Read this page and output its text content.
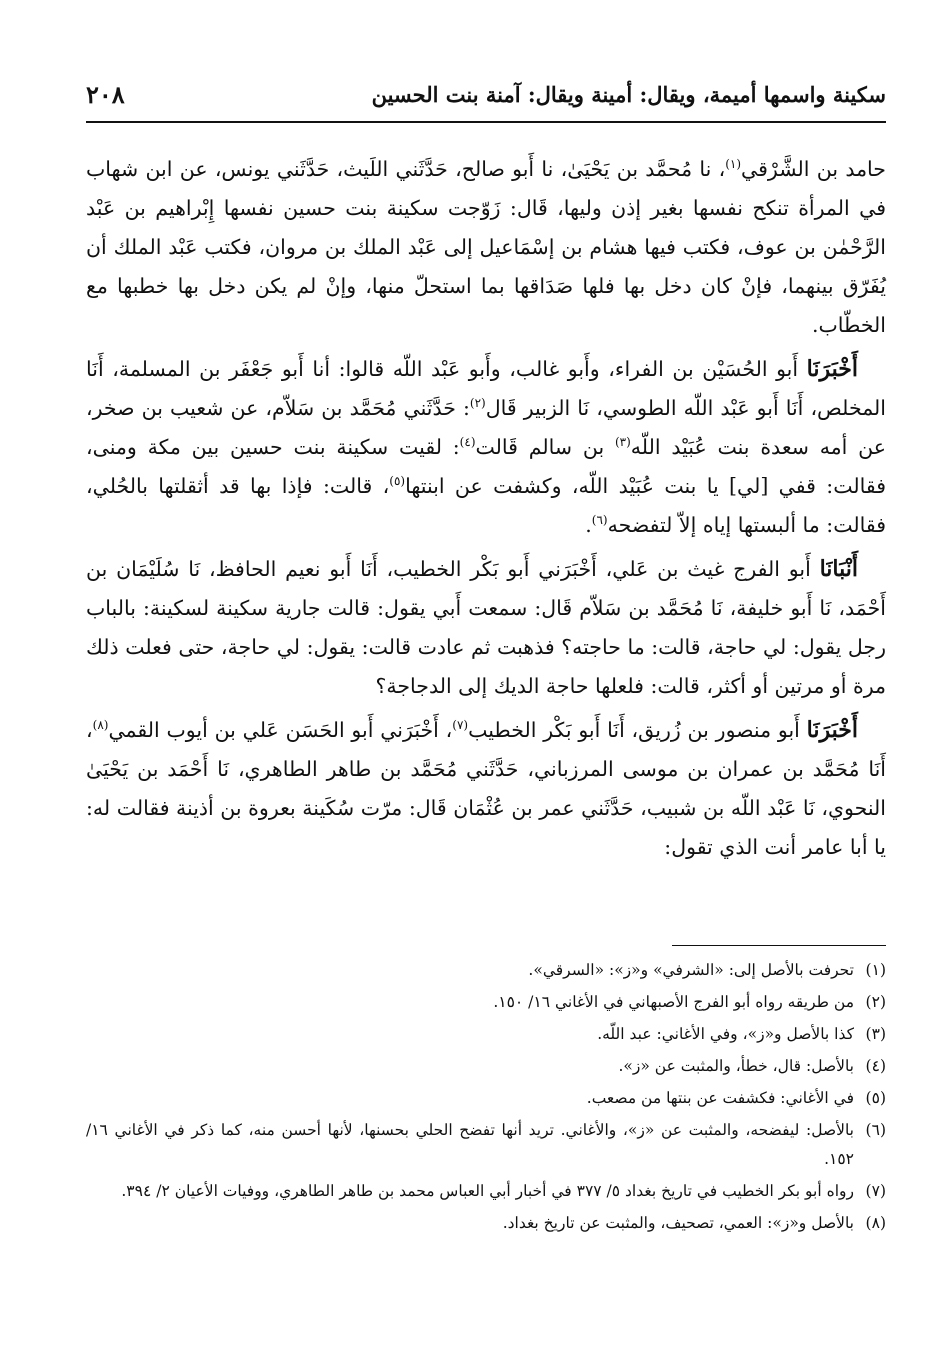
سكينة واسمها أميمة، ويقال: أمينة ويقال: آمنة بنت الحسين
٢٠٨

حامد بن الشَّرْقي$^{(١)}$، نا مُحمَّد بن يَحْيَىٰ، نا أَبو صالح، حَدَّثَني اللَيث، حَدَّثَني يونس، عن ابن شهاب في المرأة تنكح نفسها بغير إذن وليها، قَال: زَوّجت سكينة بنت حسين نفسها إِبْراهيم بن عَبْد الرَّحْمٰن بن عوف، فكتب فيها هشام بن إسْمَاعيل إلى عَبْد الملك بن مروان، فكتب عَبْد الملك أن يُفَرّق بينهما، فإنْ كان دخل بها فلها صَدَاقها بما استحلّ منها، وإنْ لم يكن دخل بها خطبها مع الخطّاب.

أَخْبَرَنَا أَبو الحُسَيْن بن الفراء، وأَبو غالب، وأَبو عَبْد اللّه قالوا: أنا أَبو جَعْفَر بن المسلمة، أَنَا المخلص، أَنَا أَبو عَبْد اللّه الطوسي، نَا الزبير قَال$^{(٢)}$: حَدَّثَني مُحَمَّد بن سَلاّم، عن شعيب بن صخر، عن أمه سعدة بنت عُبَيْد اللّه$^{(٣)}$ بن سالم قَالت$^{(٤)}$: لقيت سكينة بنت حسين بين مكة ومنى، فقالت: قفي [لي] يا بنت عُبَيْد اللّه، وكشفت عن ابنتها$^{(٥)}$، قالت: فإذا بها قد أثقلتها بالحُلي، فقالت: ما ألبستها إياه إلاّ لتفضحه$^{(٦)}$.

أَنْبَانَا أَبو الفرج غيث بن عَلي، أَخْبَرَني أَبو بَكْر الخطيب، أَنَا أَبو نعيم الحافظ، نَا سُلَيْمَان بن أَحْمَد، نَا أَبو خليفة، نَا مُحَمَّد بن سَلاّم قَال: سمعت أَبي يقول: قالت جارية سكينة لسكينة: بالباب رجل يقول: لي حاجة، قالت: ما حاجته؟ فذهبت ثم عادت قالت: يقول: لي حاجة، حتى فعلت ذلك مرة أو مرتين أو أكثر، قالت: فلعلها حاجة الديك إلى الدجاجة؟

أَخْبَرَنَا أَبو منصور بن زُريق، أَنَا أَبو بَكْر الخطيب$^{(٧)}$، أَخْبَرَني أَبو الحَسَن عَلي بن أيوب القمي$^{(٨)}$، أَنَا مُحَمَّد بن عمران بن موسى المرزباني، حَدَّثَني مُحَمَّد بن طاهر الطاهري، نَا أَحْمَد بن يَحْيَىٰ النحوي، نَا عَبْد اللّه بن شبيب، حَدَّثَني عمر بن عُثْمَان قَال: مرّت سُكَينة بعروة بن أذينة فقالت له: يا أبا عامر أنت الذي تقول:

(١)
تحرفت بالأصل إلى: «الشرفي» و«ز»: «السرقي».
(٢)
من طريقه رواه أبو الفرج الأصبهاني في الأغاني ١٦/ ١٥٠.
(٣)
كذا بالأصل و«ز»، وفي الأغاني: عبد اللّه.
(٤)
بالأصل: قال، خطأ، والمثبت عن «ز».
(٥)
في الأغاني: فكشفت عن بنتها من مصعب.
(٦)
بالأصل: ليفضحه، والمثبت عن «ز»، والأغاني. تريد أنها تفضح الحلي بحسنها، لأنها أحسن منه، كما ذكر في الأغاني ١٦/ ١٥٢.
(٧)
رواه أبو بكر الخطيب في تاريخ بغداد ٥/ ٣٧٧ في أخبار أبي العباس محمد بن طاهر الطاهري، ووفيات الأعيان ٢/ ٣٩٤.
(٨)
بالأصل و«ز»: العمي، تصحيف، والمثبت عن تاريخ بغداد.
